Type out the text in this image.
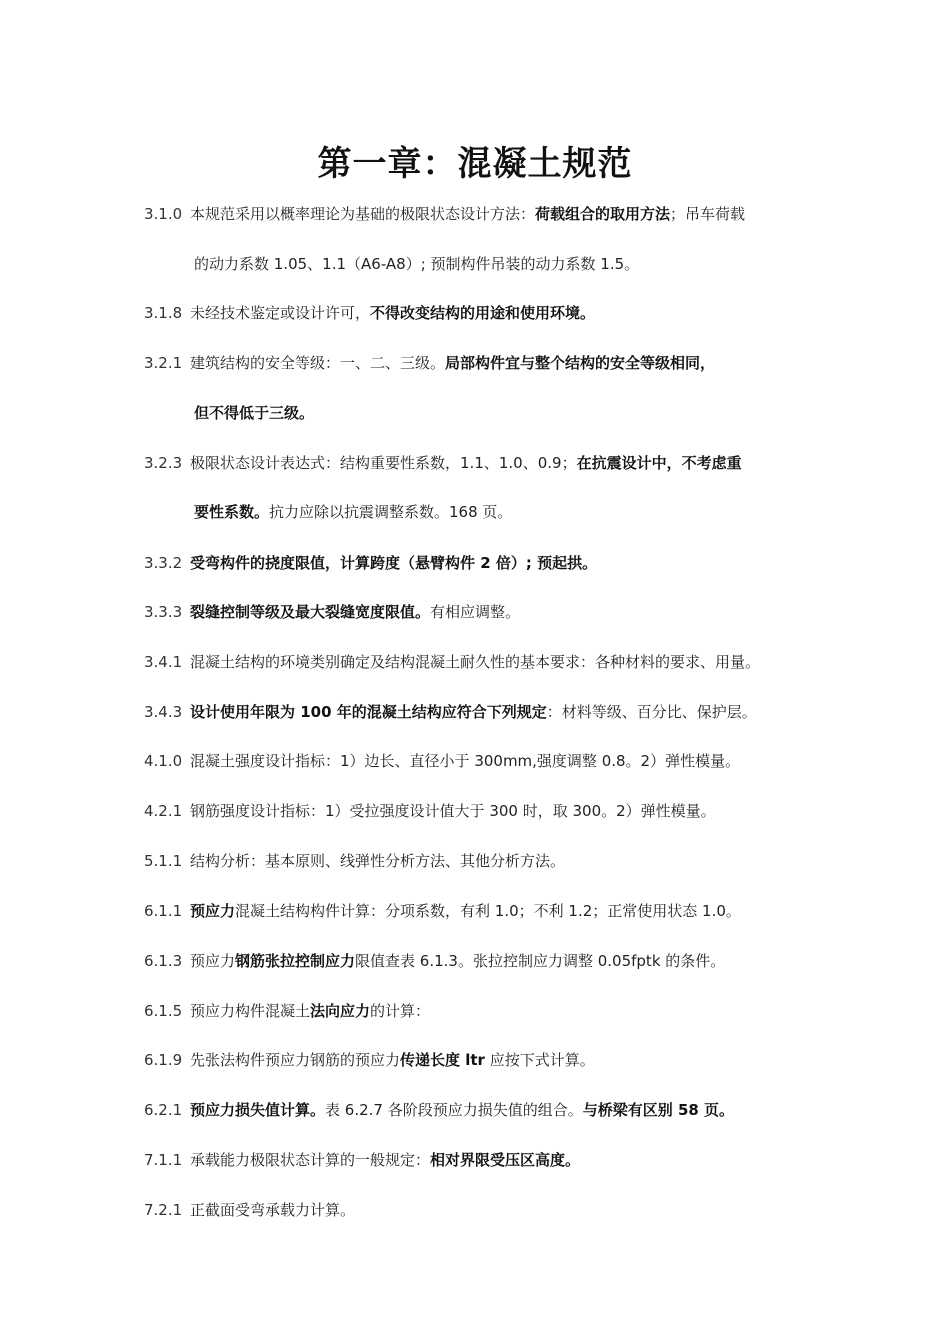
第一章：混凝土规范
3.1.0 本规范采用以概率理论为基础的极限状态设计方法：荷载组合的取用方法；吊车荷载
的动力系数 1.05、1.1（A6-A8）; 预制构件吊装的动力系数 1.5。
3.1.8 未经技术鉴定或设计许可，不得改变结构的用途和使用环境。
3.2.1 建筑结构的安全等级：一、二、三级。局部构件宜与整个结构的安全等级相同，
但不得低于三级。
3.2.3 极限状态设计表达式：结构重要性系数，1.1、1.0、0.9；在抗震设计中，不考虑重
要性系数。抗力应除以抗震调整系数。168 页。
3.3.2 受弯构件的挠度限值，计算跨度（悬臂构件 2 倍）; 预起拱。
3.3.3 裂缝控制等级及最大裂缝宽度限值。有相应调整。
3.4.1 混凝土结构的环境类别确定及结构混凝土耐久性的基本要求：各种材料的要求、用量。
3.4.3 设计使用年限为 100 年的混凝土结构应符合下列规定：材料等级、百分比、保护层。
4.1.0 混凝土强度设计指标：1）边长、直径小于 300mm,强度调整 0.8。2）弹性模量。
4.2.1 钢筋强度设计指标：1）受拉强度设计值大于 300 时，取 300。2）弹性模量。
5.1.1 结构分析：基本原则、线弹性分析方法、其他分析方法。
6.1.1 预应力混凝土结构构件计算：分项系数，有利 1.0；不利 1.2；正常使用状态 1.0。
6.1.3 预应力钢筋张拉控制应力限值查表 6.1.3。张拉控制应力调整 0.05fptk 的条件。
6.1.5 预应力构件混凝土法向应力的计算：
6.1.9 先张法构件预应力钢筋的预应力传递长度 ltr 应按下式计算。
6.2.1 预应力损失值计算。表 6.2.7 各阶段预应力损失值的组合。与桥梁有区别 58 页。
7.1.1 承载能力极限状态计算的一般规定：相对界限受压区高度。
7.2.1 正截面受弯承载力计算。
